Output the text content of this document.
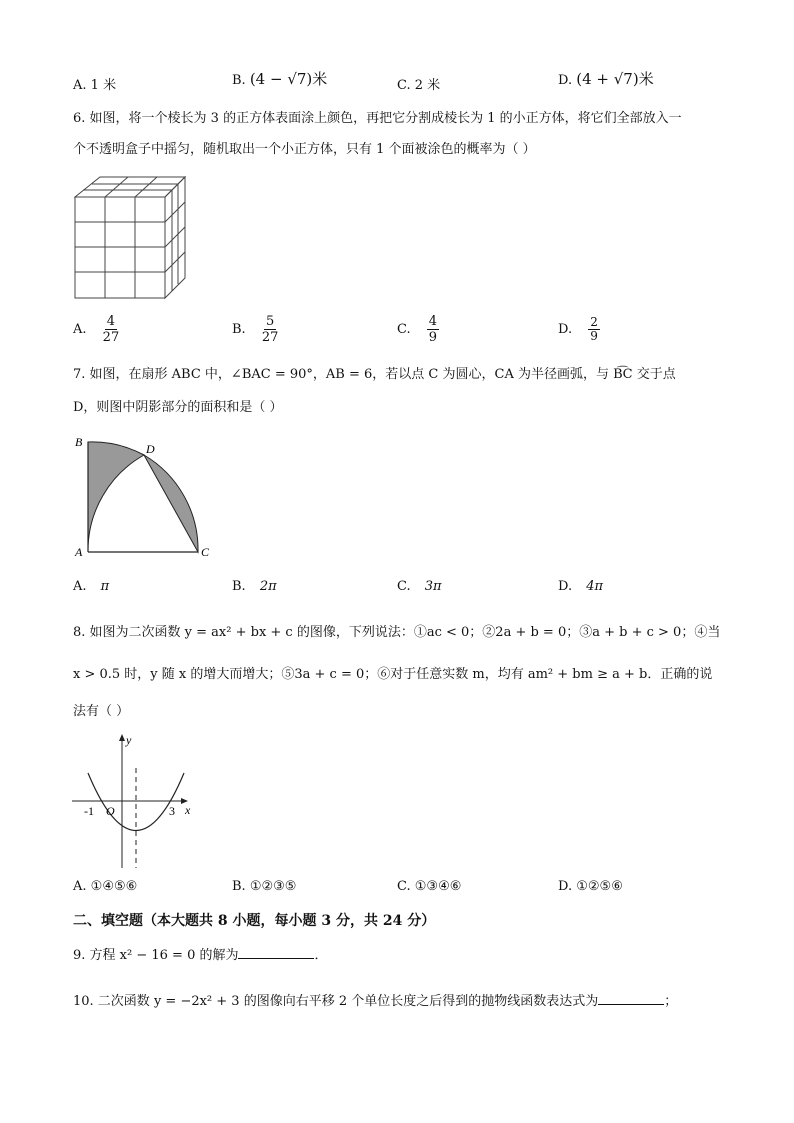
A. 1 米	B. (4 − √7)米	C. 2 米	D. (4 + √7)米
6. 如图，将一个棱长为 3 的正方体表面涂上颜色，再把它分割成棱长为 1 的小正方体，将它们全部放入一
个不透明盒子中摇匀，随机取出一个小正方体，只有 1 个面被涂色的概率为（ ）
A. $\frac{4}{27}$	B. $\frac{5}{27}$	C. $\frac{4}{9}$	D. $\frac{2}{9}$
7. 如图，在扇形 ABC 中，∠BAC = 90°，AB = 6，若以点 C 为圆心，CA 为半径画弧，与 B͡C 交于点
D，则图中阴影部分的面积和是（ ）
B	D
A	C
A. π	B. 2π	C. 3π	D. 4π
8. 如图为二次函数 y = ax² + bx + c 的图像，下列说法：①ac < 0；②2a + b = 0；③a + b + c > 0；④当
x > 0.5 时，y 随 x 的增大而增大；⑤3a + c = 0；⑥对于任意实数 m，均有 am² + bm ≥ a + b．正确的说
法有（ ）
y
x
O
-1	3
A. ①④⑤⑥	B. ①②③⑤	C. ①③④⑥	D. ①②⑤⑥
二、填空题（本大题共 8 小题，每小题 3 分，共 24 分）
9. 方程 x² − 16 = 0 的解为	．
10. 二次函数 y = −2x² + 3 的图像向右平移 2 个单位长度之后得到的抛物线函数表达式为	；
